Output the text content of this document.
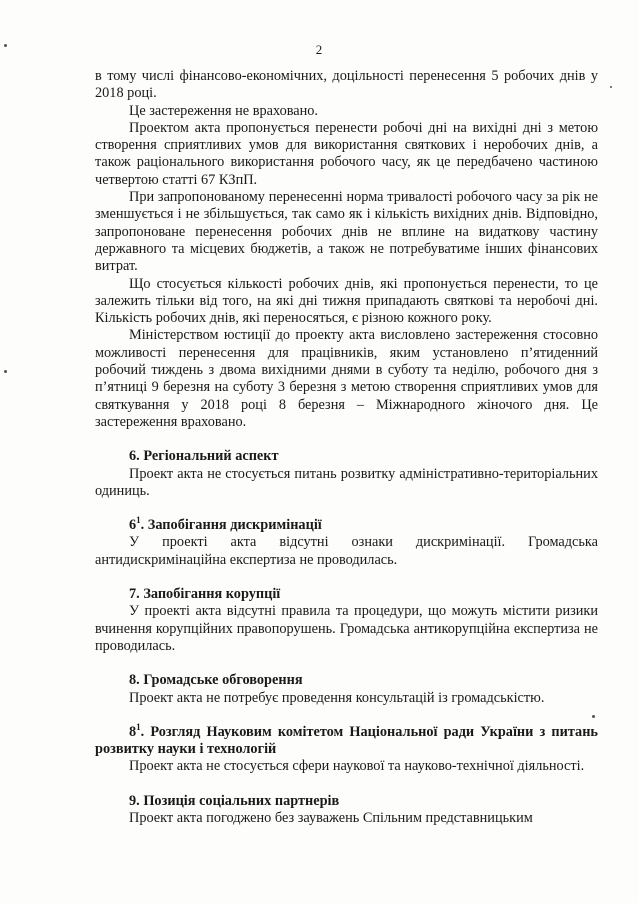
2

в тому числі фінансово-економічних, доцільності перенесення 5 робочих днів у 2018 році.

Це застереження не враховано.

Проектом акта пропонується перенести робочі дні на вихідні дні з метою створення сприятливих умов для використання святкових і неробочих днів, а також раціонального використання робочого часу, як це передбачено частиною четвертою статті 67 КЗпП.

При запропонованому перенесенні норма тривалості робочого часу за рік не зменшується і не збільшується, так само як і кількість вихідних днів. Відповідно, запропоноване перенесення робочих днів не вплине на видаткову частину державного та місцевих бюджетів, а також не потребуватиме інших фінансових витрат.

Що стосується кількості робочих днів, які пропонується перенести, то це залежить тільки від того, на які дні тижня припадають святкові та неробочі дні. Кількість робочих днів, які переносяться, є різною кожного року.

Міністерством юстиції до проекту акта висловлено застереження стосовно можливості перенесення для працівників, яким установлено п’ятиденний робочий тиждень з двома вихідними днями в суботу та неділю, робочого дня з п’ятниці 9 березня на суботу 3 березня з метою створення сприятливих умов для святкування у 2018 році 8 березня – Міжнародного жіночого дня. Це застереження враховано.

6. Регіональний аспект

Проект акта не стосується питань розвитку адміністративно-територіальних одиниць.

$6^1$. Запобігання дискримінації

У проекті акта відсутні ознаки дискримінації. Громадська антидискримінаційна експертиза не проводилась.

7. Запобігання корупції

У проекті акта відсутні правила та процедури, що можуть містити ризики вчинення корупційних правопорушень. Громадська антикорупційна експертиза не проводилась.

8. Громадське обговорення

Проект акта не потребує проведення консультацій із громадськістю.

$8^1$. Розгляд Науковим комітетом Національної ради України з питань розвитку науки і технологій

Проект акта не стосується сфери наукової та науково-технічної діяльності.

9. Позиція соціальних партнерів

Проект акта погоджено без зауважень Спільним представницьким
